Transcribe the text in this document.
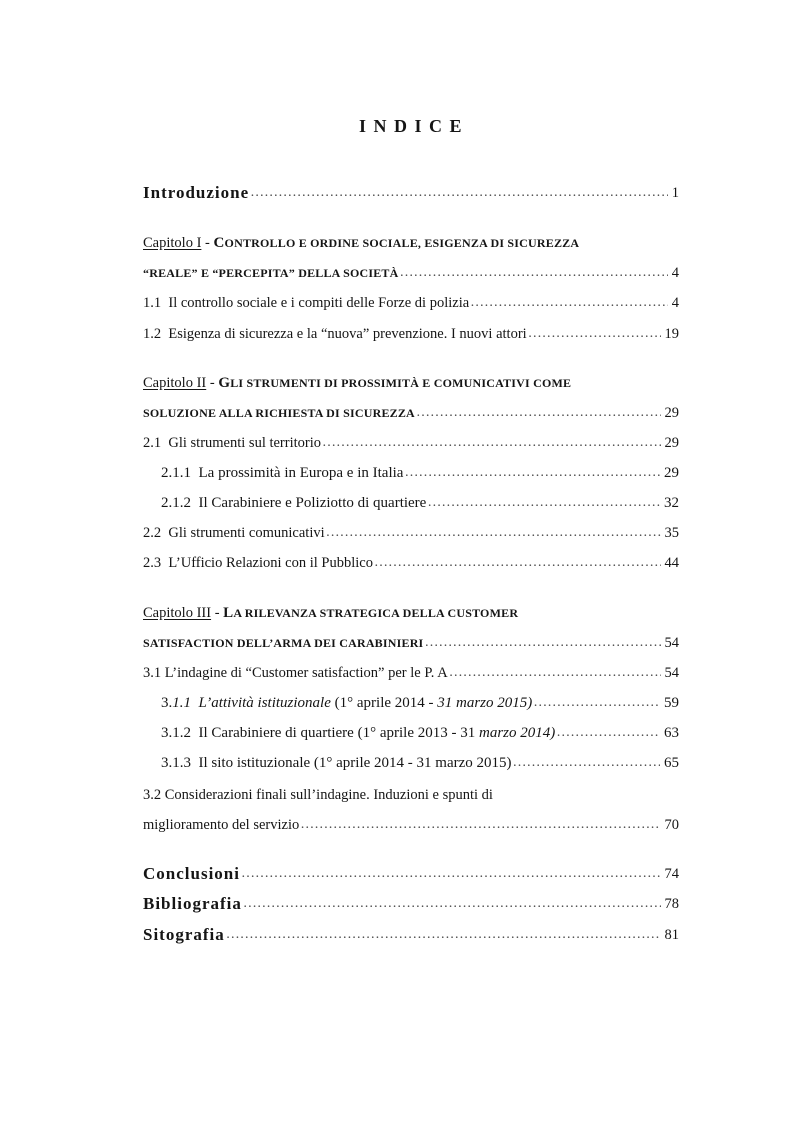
I N D I C E
Introduzione …………………………………………………………………………………………………………………………………………………………………………………………………………	1
Capitolo I - CONTROLLO E ORDINE SOCIALE, ESIGENZA DI SICUREZZA
“REALE” E “PERCEPITA” DELLA SOCIETÀ …………………………………………………………………………………………………………………………………………………………………………………………………………	4
1.1  Il controllo sociale e i compiti delle Forze di polizia …………………………………………………………………………………………………………………………………………………………………………………………………………	4
1.2  Esigenza di sicurezza e la “nuova” prevenzione. I nuovi attori …………………………………………………………………………………………………………………………………………………………………………………………………………	19
Capitolo II - GLI STRUMENTI DI PROSSIMITÀ E COMUNICATIVI COME
SOLUZIONE ALLA RICHIESTA DI SICUREZZA …………………………………………………………………………………………………………………………………………………………………………………………………………	29
2.1  Gli strumenti sul territorio …………………………………………………………………………………………………………………………………………………………………………………………………………	29
2.1.1  La prossimità in Europa e in Italia …………………………………………………………………………………………………………………………………………………………………………………………………………	29
2.1.2  Il Carabiniere e Poliziotto di quartiere …………………………………………………………………………………………………………………………………………………………………………………………………………	32
2.2  Gli strumenti comunicativi …………………………………………………………………………………………………………………………………………………………………………………………………………	35
2.3  L’Ufficio Relazioni con il Pubblico …………………………………………………………………………………………………………………………………………………………………………………………………………	44
Capitolo III - LA RILEVANZA STRATEGICA DELLA CUSTOMER
SATISFACTION DELL’ARMA DEI CARABINIERI …………………………………………………………………………………………………………………………………………………………………………………………………………	54
3.1 L’indagine di “Customer satisfaction” per le P. A …………………………………………………………………………………………………………………………………………………………………………………………………………	54
3. 1.1  L’attività istituzionale (1° aprile 2014 - 31 marzo 2015) …………………………………………………………………………………………………………………………………………………………………………………………………………	59
3.1.2  Il Carabiniere di quartiere (1° aprile 2013 - 31 marzo 2014) …………………………………………………………………………………………………………………………………………………………………………………………………………	63
3.1.3  Il sito istituzionale (1° aprile 2014 - 31 marzo 2015) …………………………………………………………………………………………………………………………………………………………………………………………………………	65
3.2 Considerazioni finali sull’indagine. Induzioni e spunti di
miglioramento del servizio …………………………………………………………………………………………………………………………………………………………………………………………………………	70
Conclusioni …………………………………………………………………………………………………………………………………………………………………………………………………………	74
Bibliografia …………………………………………………………………………………………………………………………………………………………………………………………………………	78
Sitografia …………………………………………………………………………………………………………………………………………………………………………………………………………	81
